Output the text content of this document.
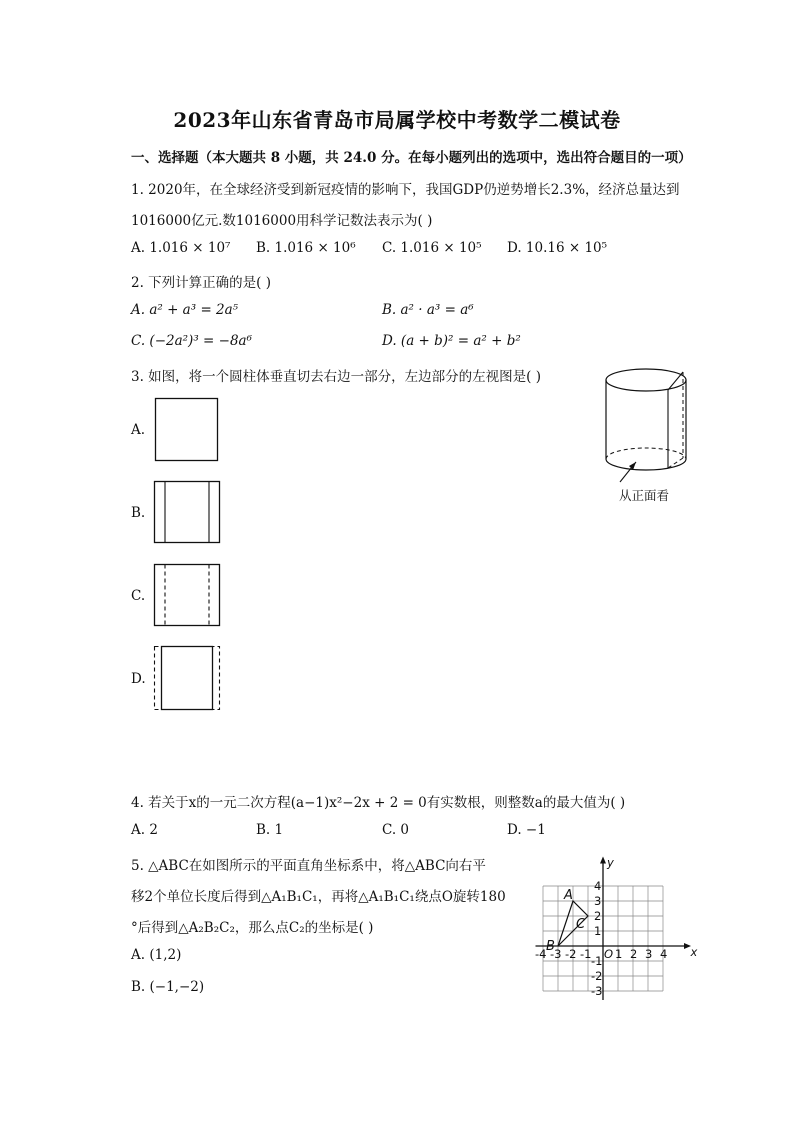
2023年山东省青岛市局属学校中考数学二模试卷
一、选择题（本大题共 8 小题，共 24.0 分。在每小题列出的选项中，选出符合题目的一项）
1. 2020年，在全球经济受到新冠疫情的影响下，我国GDP仍逆势增长2.3%，经济总量达到
1016000亿元.数1016000用科学记数法表示为( )
A. 1.016 × 10⁷ B. 1.016 × 10⁶ C. 1.016 × 10⁵ D. 10.16 × 10⁵
2. 下列计算正确的是( )
A. a² + a³ = 2a⁵	B. a² · a³ = a⁶
C. (−2a²)³ = −8a⁶	D. (a + b)² = a² + b²
3. 如图，将一个圆柱体垂直切去右边一部分，左边部分的左视图是( )
A.
B.
C.
D.
从正面看
4. 若关于x的一元二次方程(a−1)x²−2x + 2 = 0有实数根，则整数a的最大值为( )
A. 2	B. 1	C. 0	D. −1
5. △ABC在如图所示的平面直角坐标系中，将△ABC向右平
移2个单位长度后得到△A₁B₁C₁，再将△A₁B₁C₁绕点O旋转180
°后得到△A₂B₂C₂，那么点C₂的坐标是( )
A. (1,2)
B. (−1,−2)
x
y
-4 -3 -2 -1 O 1 2 3 4
4
3
2
1
-1
-2
-3
A
B
C
